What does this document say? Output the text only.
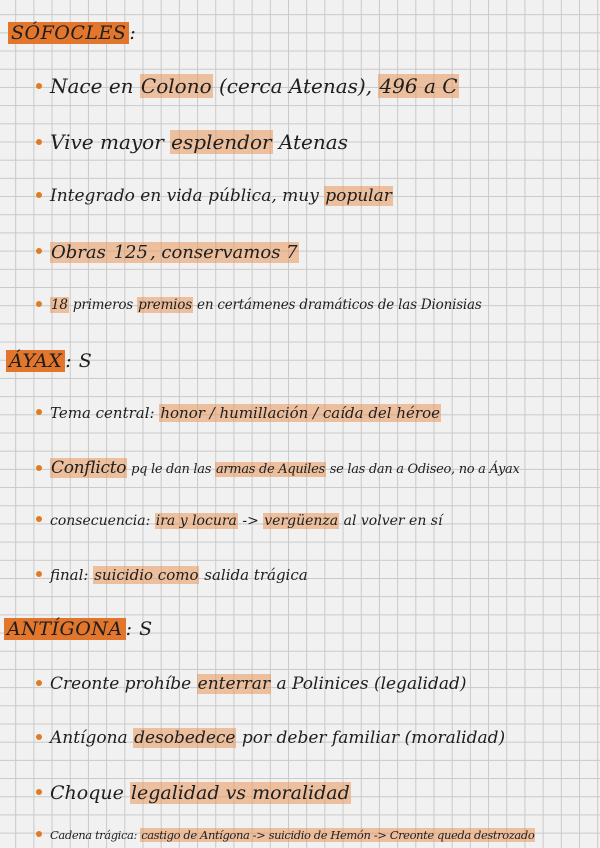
SÓFOCLES :
Nace en Colono (cerca Atenas), 496 a C
Vive mayor esplendor Atenas
Integrado en vida pública, muy popular
Obras 125 , conservamos 7
18 primeros premios en certámenes dramáticos de las Dionisias
ÁYAX : S
Tema central: honor / humillación / caída del héroe
Conflicto pq le dan las armas de Aquiles se las dan a Odiseo, no a Áyax
consecuencia: ira y locura -> vergüenza al volver en sí
final: suicidio como salida trágica
ANTÍGONA : S
Creonte prohíbe enterrar a Polinices (legalidad)
Antígona desobedece por deber familiar (moralidad)
Choque legalidad vs moralidad
Cadena trágica: castigo de Antígona -> suicidio de Hemón -> Creonte queda destrozado
